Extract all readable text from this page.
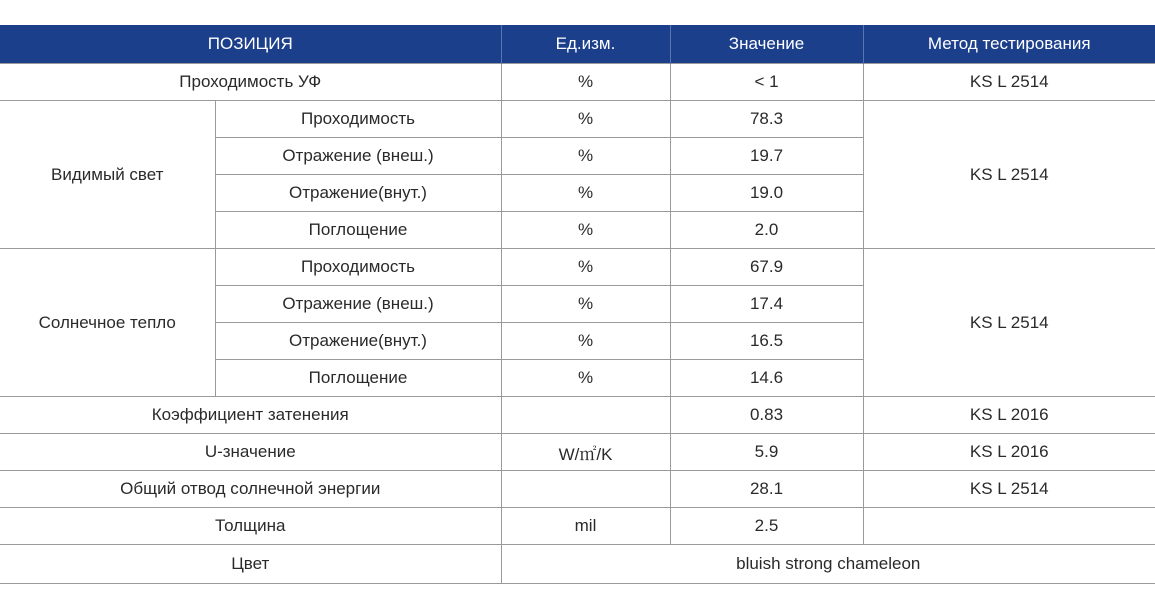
ПОЗИЦИЯ		Ед.изм.	Значение	Метод тестирования
Проходимость УФ		%	< 1	KS L 2514
Видимый свет	Проходимость	%	78.3	KS L 2514
	Отражение (внеш.)	%	19.7	
	Отражение(внут.)	%	19.0	
	Поглощение	%	2.0	
Солнечное тепло	Проходимость	%	67.9	KS L 2514
	Отражение (внеш.)	%	17.4	
	Отражение(внут.)	%	16.5	
	Поглощение	%	14.6	
Коэффициент затенения			0.83	KS L 2016
U-значение		W/㎡/K	5.9	KS L 2016
Общий отвод солнечной энергии			28.1	KS L 2514
Толщина		mil	2.5	
Цвет		bluish strong chameleon		
